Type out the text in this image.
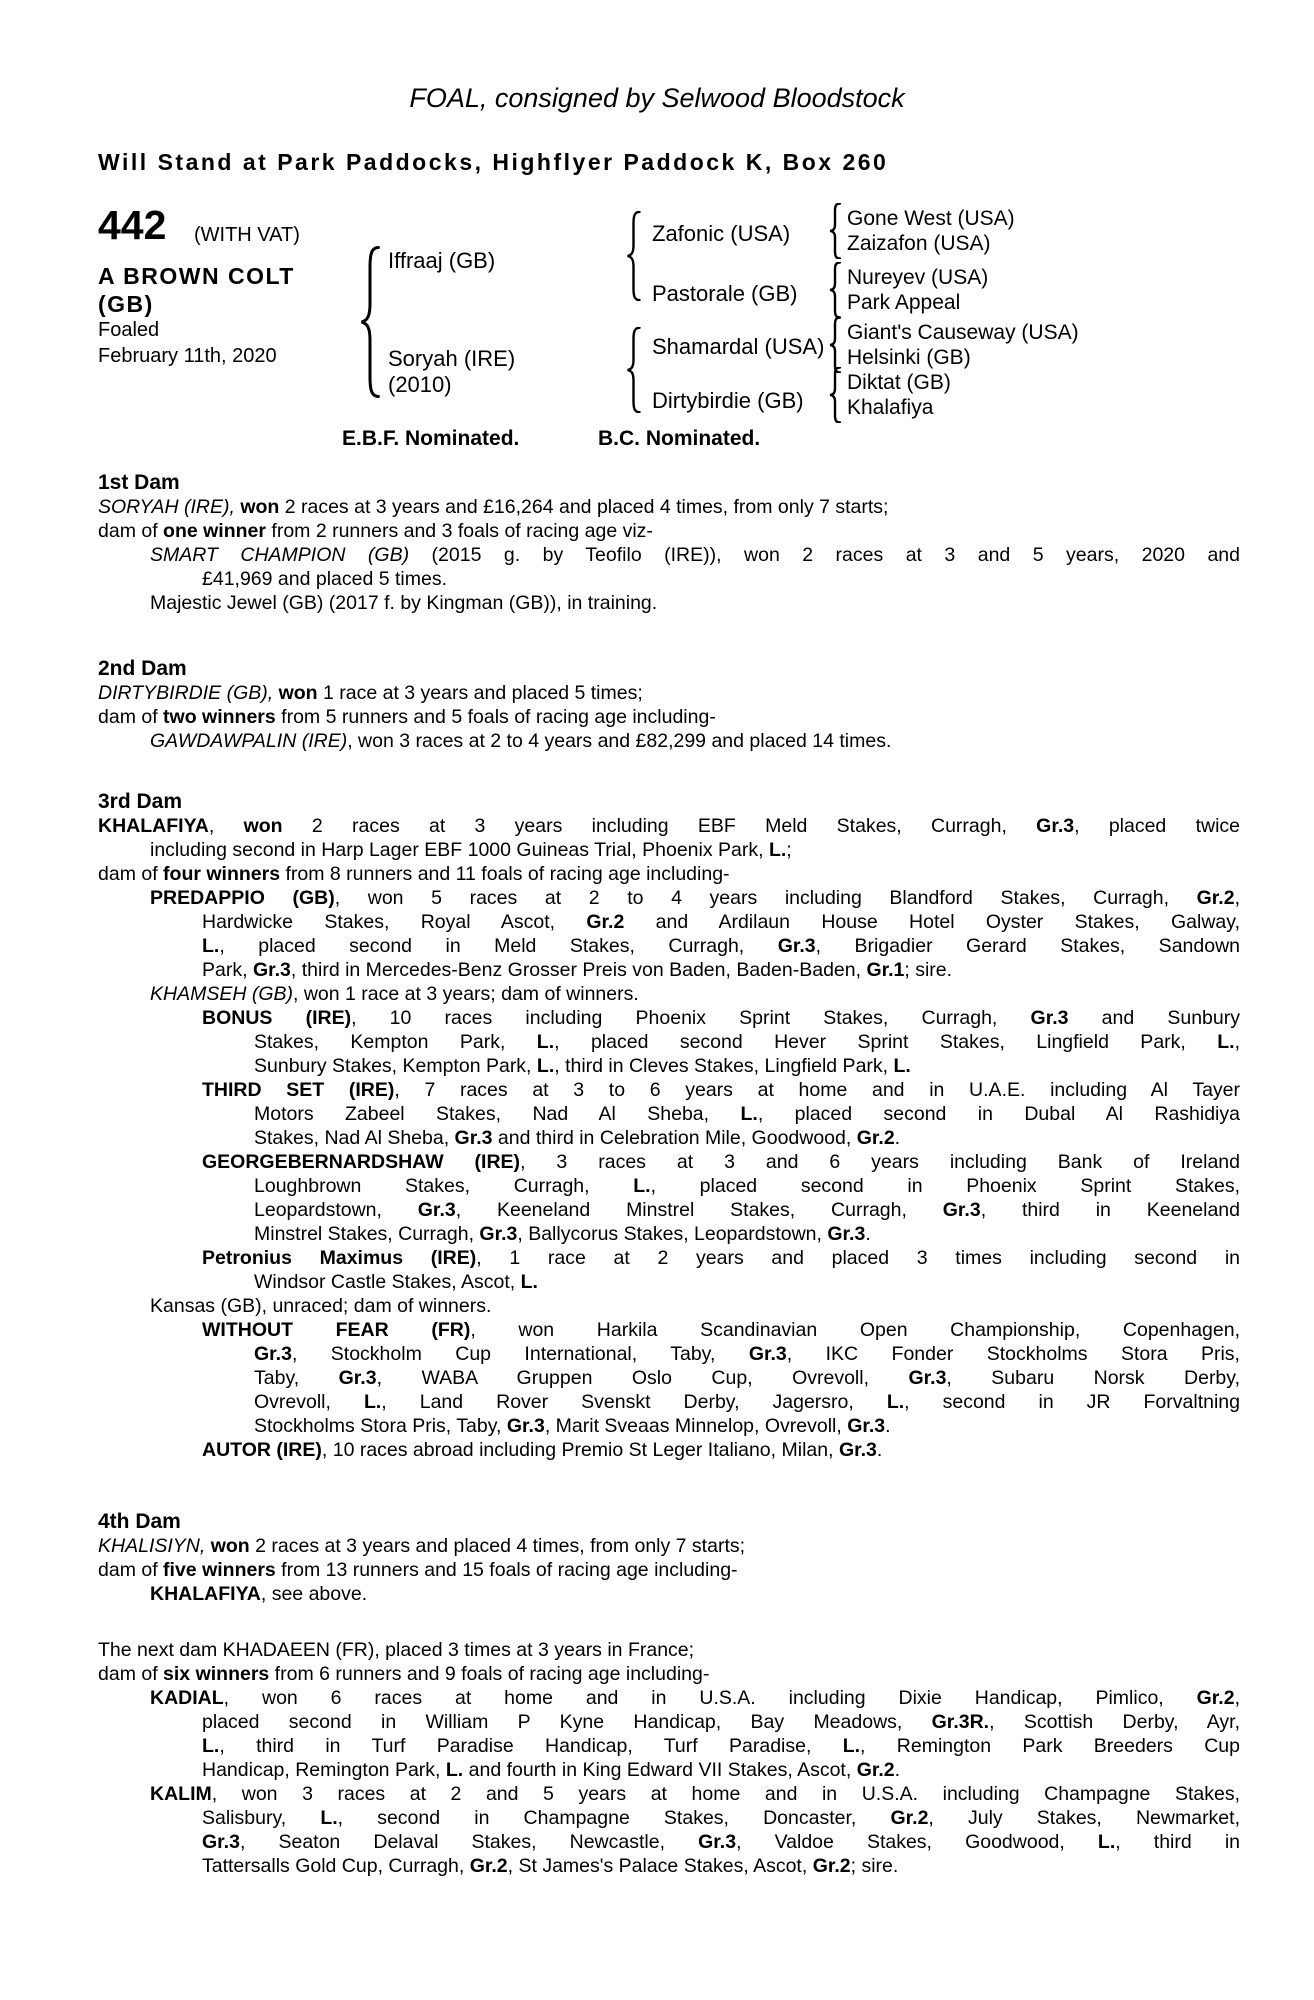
FOAL, consigned by Selwood Bloodstock
Will Stand at Park Paddocks, Highflyer Paddock K, Box 260
442 (WITH VAT)
A BROWN COLT
(GB)
Foaled
February 11th, 2020
Iffraaj (GB)
Soryah (IRE)
(2010)
Zafonic (USA)
Pastorale (GB)
Shamardal (USA)
Dirtybirdie (GB)
Gone West (USA)
Zaizafon (USA)
Nureyev (USA)
Park Appeal
Giant's Causeway (USA)
Helsinki (GB)
Diktat (GB)
Khalafiya
E.B.F. Nominated.	B.C. Nominated.
1st Dam
SORYAH (IRE), won 2 races at 3 years and £16,264 and placed 4 times, from only 7 starts;
dam of one winner from 2 runners and 3 foals of racing age viz-
SMART CHAMPION (GB) (2015 g. by Teofilo (IRE)), won 2 races at 3 and 5 years, 2020 and
£41,969 and placed 5 times.
Majestic Jewel (GB) (2017 f. by Kingman (GB)), in training.
2nd Dam
DIRTYBIRDIE (GB), won 1 race at 3 years and placed 5 times;
dam of two winners from 5 runners and 5 foals of racing age including-
GAWDAWPALIN (IRE), won 3 races at 2 to 4 years and £82,299 and placed 14 times.
3rd Dam
KHALAFIYA, won 2 races at 3 years including EBF Meld Stakes, Curragh, Gr.3, placed twice
including second in Harp Lager EBF 1000 Guineas Trial, Phoenix Park, L.;
dam of four winners from 8 runners and 11 foals of racing age including-
PREDAPPIO (GB), won 5 races at 2 to 4 years including Blandford Stakes, Curragh, Gr.2,
Hardwicke Stakes, Royal Ascot, Gr.2 and Ardilaun House Hotel Oyster Stakes, Galway,
L., placed second in Meld Stakes, Curragh, Gr.3, Brigadier Gerard Stakes, Sandown
Park, Gr.3, third in Mercedes-Benz Grosser Preis von Baden, Baden-Baden, Gr.1; sire.
KHAMSEH (GB), won 1 race at 3 years; dam of winners.
BONUS (IRE), 10 races including Phoenix Sprint Stakes, Curragh, Gr.3 and Sunbury
Stakes, Kempton Park, L., placed second Hever Sprint Stakes, Lingfield Park, L.,
Sunbury Stakes, Kempton Park, L., third in Cleves Stakes, Lingfield Park, L.
THIRD SET (IRE), 7 races at 3 to 6 years at home and in U.A.E. including Al Tayer
Motors Zabeel Stakes, Nad Al Sheba, L., placed second in Dubal Al Rashidiya
Stakes, Nad Al Sheba, Gr.3 and third in Celebration Mile, Goodwood, Gr.2.
GEORGEBERNARDSHAW (IRE), 3 races at 3 and 6 years including Bank of Ireland
Loughbrown Stakes, Curragh, L., placed second in Phoenix Sprint Stakes,
Leopardstown, Gr.3, Keeneland Minstrel Stakes, Curragh, Gr.3, third in Keeneland
Minstrel Stakes, Curragh, Gr.3, Ballycorus Stakes, Leopardstown, Gr.3.
Petronius Maximus (IRE), 1 race at 2 years and placed 3 times including second in
Windsor Castle Stakes, Ascot, L.
Kansas (GB), unraced; dam of winners.
WITHOUT FEAR (FR), won Harkila Scandinavian Open Championship, Copenhagen,
Gr.3, Stockholm Cup International, Taby, Gr.3, IKC Fonder Stockholms Stora Pris,
Taby, Gr.3, WABA Gruppen Oslo Cup, Ovrevoll, Gr.3, Subaru Norsk Derby,
Ovrevoll, L., Land Rover Svenskt Derby, Jagersro, L., second in JR Forvaltning
Stockholms Stora Pris, Taby, Gr.3, Marit Sveaas Minnelop, Ovrevoll, Gr.3.
AUTOR (IRE), 10 races abroad including Premio St Leger Italiano, Milan, Gr.3.
4th Dam
KHALISIYN, won 2 races at 3 years and placed 4 times, from only 7 starts;
dam of five winners from 13 runners and 15 foals of racing age including-
KHALAFIYA, see above.
The next dam KHADAEEN (FR), placed 3 times at 3 years in France;
dam of six winners from 6 runners and 9 foals of racing age including-
KADIAL, won 6 races at home and in U.S.A. including Dixie Handicap, Pimlico, Gr.2,
placed second in William P Kyne Handicap, Bay Meadows, Gr.3R., Scottish Derby, Ayr,
L., third in Turf Paradise Handicap, Turf Paradise, L., Remington Park Breeders Cup
Handicap, Remington Park, L. and fourth in King Edward VII Stakes, Ascot, Gr.2.
KALIM, won 3 races at 2 and 5 years at home and in U.S.A. including Champagne Stakes,
Salisbury, L., second in Champagne Stakes, Doncaster, Gr.2, July Stakes, Newmarket,
Gr.3, Seaton Delaval Stakes, Newcastle, Gr.3, Valdoe Stakes, Goodwood, L., third in
Tattersalls Gold Cup, Curragh, Gr.2, St James's Palace Stakes, Ascot, Gr.2; sire.
